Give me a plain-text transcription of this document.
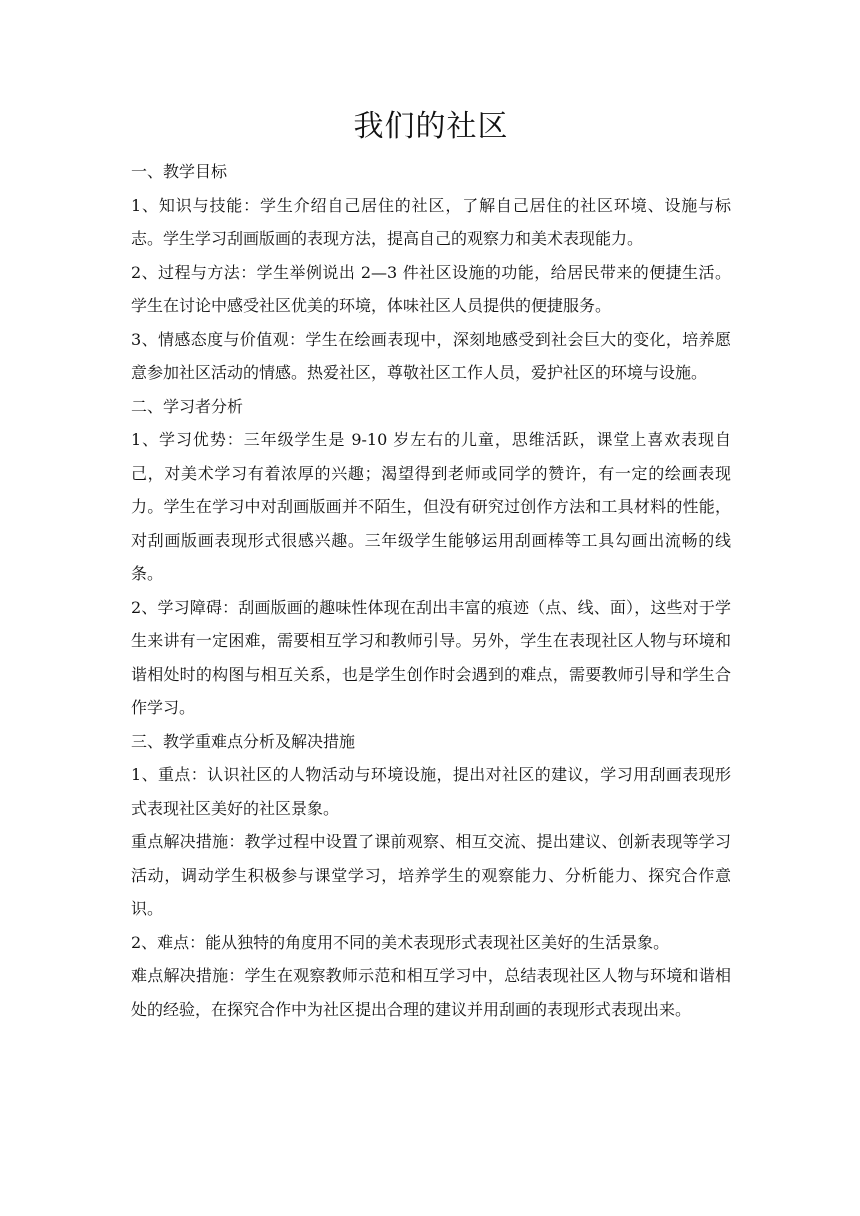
我们的社区

一、教学目标

1、知识与技能：学生介绍自己居住的社区，了解自己居住的社区环境、设施与标志。学生学习刮画版画的表现方法，提高自己的观察力和美术表现能力。

2、过程与方法：学生举例说出 2—3 件社区设施的功能，给居民带来的便捷生活。学生在讨论中感受社区优美的环境，体味社区人员提供的便捷服务。

3、情感态度与价值观：学生在绘画表现中，深刻地感受到社会巨大的变化，培养愿意参加社区活动的情感。热爱社区，尊敬社区工作人员，爱护社区的环境与设施。

二、学习者分析

1、学习优势：三年级学生是 9-10 岁左右的儿童，思维活跃，课堂上喜欢表现自己，对美术学习有着浓厚的兴趣；渴望得到老师或同学的赞许，有一定的绘画表现力。学生在学习中对刮画版画并不陌生，但没有研究过创作方法和工具材料的性能，对刮画版画表现形式很感兴趣。三年级学生能够运用刮画棒等工具勾画出流畅的线条。

2、学习障碍：刮画版画的趣味性体现在刮出丰富的痕迹（点、线、面），这些对于学生来讲有一定困难，需要相互学习和教师引导。另外，学生在表现社区人物与环境和谐相处时的构图与相互关系，也是学生创作时会遇到的难点，需要教师引导和学生合作学习。

三、教学重难点分析及解决措施

1、重点：认识社区的人物活动与环境设施，提出对社区的建议，学习用刮画表现形式表现社区美好的社区景象。

重点解决措施：教学过程中设置了课前观察、相互交流、提出建议、创新表现等学习活动，调动学生积极参与课堂学习，培养学生的观察能力、分析能力、探究合作意识。

2、难点：能从独特的角度用不同的美术表现形式表现社区美好的生活景象。

难点解决措施：学生在观察教师示范和相互学习中，总结表现社区人物与环境和谐相处的经验，在探究合作中为社区提出合理的建议并用刮画的表现形式表现出来。
